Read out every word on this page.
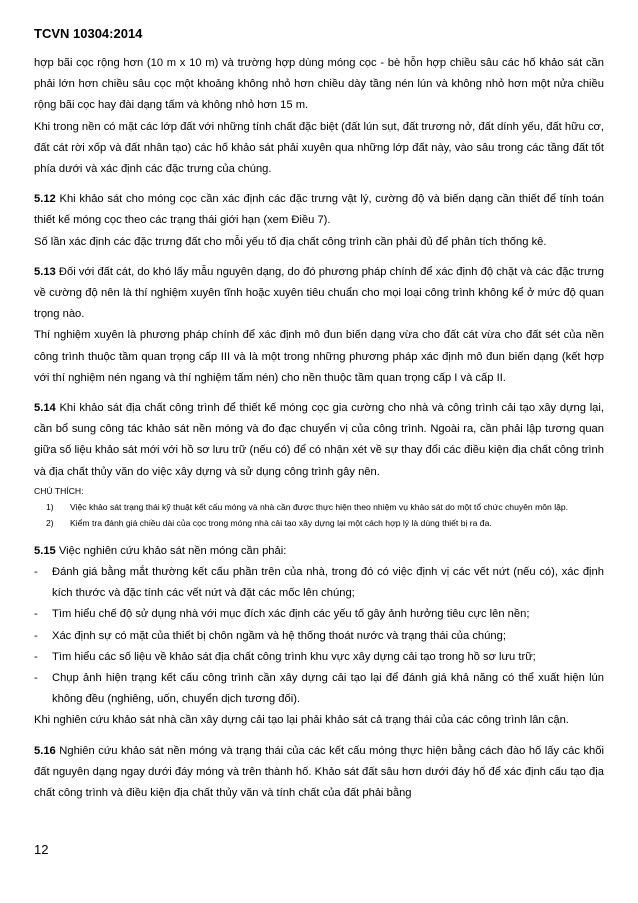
TCVN 10304:2014

hợp bãi cọc rộng hơn (10 m x 10 m) và trường hợp dùng móng cọc - bè hỗn hợp chiều sâu các hố khảo sát cần phải lớn hơn chiều sâu cọc một khoảng không nhỏ hơn chiều dày tầng nén lún và không nhỏ hơn một nửa chiều rộng bãi cọc hay đài dạng tấm và không nhỏ hơn 15 m.

Khi trong nền có mặt các lớp đất với những tính chất đặc biệt (đất lún sụt, đất trương nở, đất dính yếu, đất hữu cơ, đất cát rời xốp và đất nhân tạo) các hố khảo sát phải xuyên qua những lớp đất này, vào sâu trong các tầng đất tốt phía dưới và xác định các đặc trưng của chúng.

5.12 Khi khảo sát cho móng cọc cần xác định các đặc trưng vật lý, cường độ và biến dạng cần thiết để tính toán thiết kế móng cọc theo các trạng thái giới hạn (xem Điều 7).

Số lần xác định các đặc trưng đất cho mỗi yếu tố địa chất công trình cần phải đủ để phân tích thống kê.

5.13 Đối với đất cát, do khó lấy mẫu nguyên dạng, do đó phương pháp chính để xác định độ chặt và các đặc trưng về cường độ nên là thí nghiệm xuyên tĩnh hoặc xuyên tiêu chuẩn cho mọi loại công trình không kể ở mức độ quan trọng nào.

Thí nghiệm xuyên là phương pháp chính để xác định mô đun biến dạng vừa cho đất cát vừa cho đất sét của nền công trình thuộc tầm quan trọng cấp III và là một trong những phương pháp xác định mô đun biến dạng (kết hợp với thí nghiệm nén ngang và thí nghiệm tấm nén) cho nền thuộc tầm quan trọng cấp I và cấp II.

5.14 Khi khảo sát địa chất công trình để thiết kế móng cọc gia cường cho nhà và công trình cải tạo xây dựng lại, cần bổ sung công tác khảo sát nền móng và đo đạc chuyển vị của công trình. Ngoài ra, cần phải lập tương quan giữa số liệu khảo sát mới với hồ sơ lưu trữ (nếu có) để có nhận xét về sự thay đổi các điều kiện địa chất công trình và địa chất thủy văn do việc xây dựng và sử dụng công trình gây nên.

CHÚ THÍCH:
1)	Việc khảo sát trạng thái kỹ thuật kết cấu móng và nhà cần được thực hiện theo nhiệm vụ khảo sát do một tổ chức chuyên môn lập.
2)	Kiểm tra đánh giá chiều dài của cọc trong móng nhà cải tạo xây dựng lại một cách hợp lý là dùng thiết bị ra đa.

5.15 Việc nghiên cứu khảo sát nền móng cần phải:

-	Đánh giá bằng mắt thường kết cấu phần trên của nhà, trong đó có việc định vị các vết nứt (nếu có), xác định kích thước và đặc tính các vết nứt và đặt các mốc lên chúng;
-	Tìm hiểu chế độ sử dụng nhà với mục đích xác định các yếu tố gây ảnh hưởng tiêu cực lên nền;
-	Xác định sự có mặt của thiết bị chôn ngầm và hệ thống thoát nước và trạng thái của chúng;
-	Tìm hiểu các số liệu về khảo sát địa chất công trình khu vực xây dựng cải tạo trong hồ sơ lưu trữ;
-	Chụp ảnh hiện trạng kết cấu công trình cần xây dựng cải tạo lại để đánh giá khả năng có thể xuất hiện lún không đều (nghiêng, uốn, chuyển dịch tương đối).

Khi nghiên cứu khảo sát nhà cần xây dựng cải tạo lại phải khảo sát cả trạng thái của các công trình lân cận.

5.16 Nghiên cứu khảo sát nền móng và trạng thái của các kết cấu móng thực hiện bằng cách đào hố lấy các khối đất nguyên dạng ngay dưới đáy móng và trên thành hố. Khảo sát đất sâu hơn dưới đáy hố để xác định cấu tạo địa chất công trình và điều kiện địa chất thủy văn và tính chất của đất phải bằng

12
